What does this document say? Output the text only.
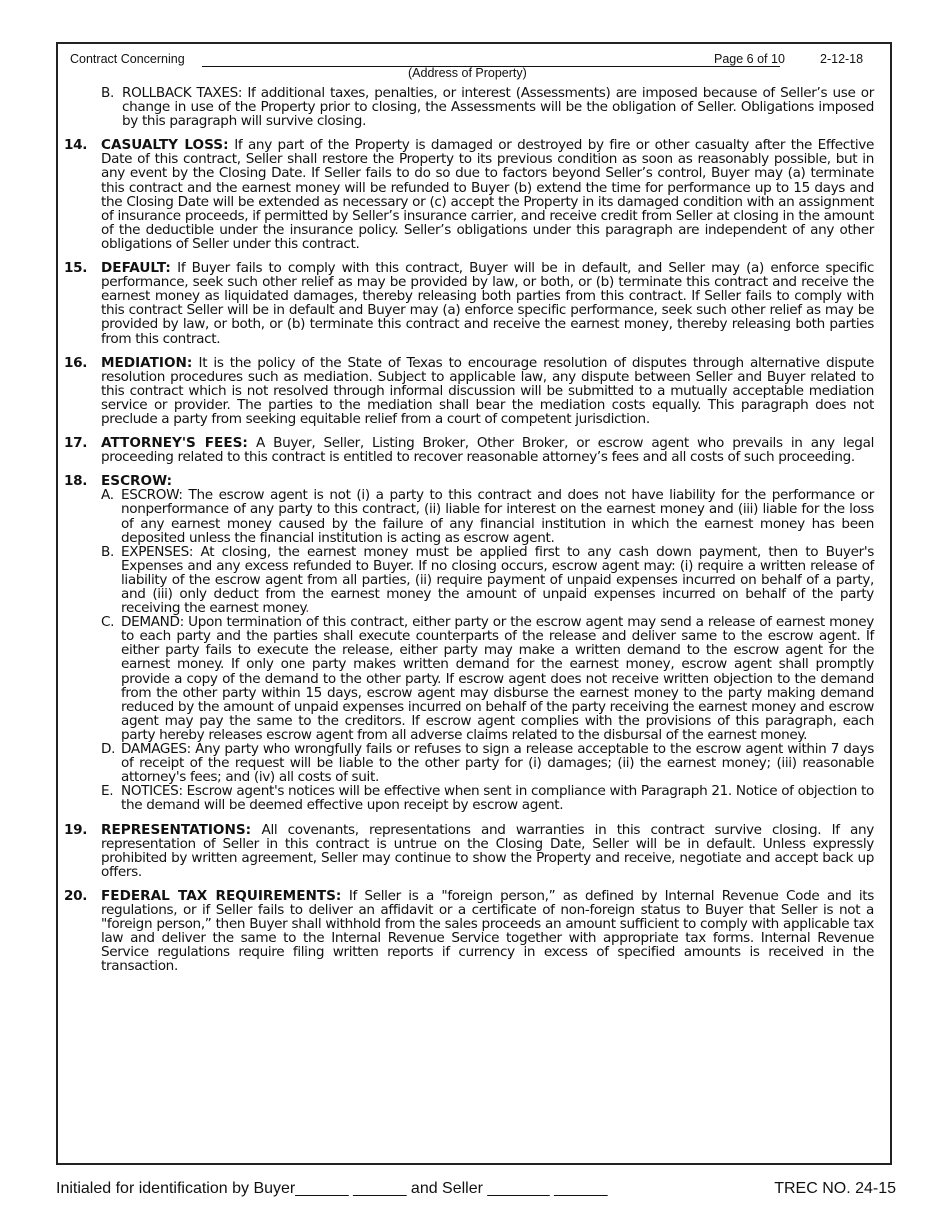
Contract Concerning	Page 6 of 10	2-12-18
(Address of Property)
B. ROLLBACK TAXES: If additional taxes, penalties, or interest (Assessments) are imposed because of Seller’s use or change in use of the Property prior to closing, the Assessments will be the obligation of Seller. Obligations imposed by this paragraph will survive closing.
14. CASUALTY LOSS: If any part of the Property is damaged or destroyed by fire or other casualty after the Effective Date of this contract, Seller shall restore the Property to its previous condition as soon as reasonably possible, but in any event by the Closing Date. If Seller fails to do so due to factors beyond Seller’s control, Buyer may (a) terminate this contract and the earnest money will be refunded to Buyer (b) extend the time for performance up to 15 days and the Closing Date will be extended as necessary or (c) accept the Property in its damaged condition with an assignment of insurance proceeds, if permitted by Seller’s insurance carrier, and receive credit from Seller at closing in the amount of the deductible under the insurance policy. Seller’s obligations under this paragraph are independent of any other obligations of Seller under this contract.
15. DEFAULT: If Buyer fails to comply with this contract, Buyer will be in default, and Seller may (a) enforce specific performance, seek such other relief as may be provided by law, or both, or (b) terminate this contract and receive the earnest money as liquidated damages, thereby releasing both parties from this contract. If Seller fails to comply with this contract Seller will be in default and Buyer may (a) enforce specific performance, seek such other relief as may be provided by law, or both, or (b) terminate this contract and receive the earnest money, thereby releasing both parties from this contract.
16. MEDIATION: It is the policy of the State of Texas to encourage resolution of disputes through alternative dispute resolution procedures such as mediation. Subject to applicable law, any dispute between Seller and Buyer related to this contract which is not resolved through informal discussion will be submitted to a mutually acceptable mediation service or provider. The parties to the mediation shall bear the mediation costs equally. This paragraph does not preclude a party from seeking equitable relief from a court of competent jurisdiction.
17. ATTORNEY'S FEES: A Buyer, Seller, Listing Broker, Other Broker, or escrow agent who prevails in any legal proceeding related to this contract is entitled to recover reasonable attorney’s fees and all costs of such proceeding.
18. ESCROW:
A. ESCROW: The escrow agent is not (i) a party to this contract and does not have liability for the performance or nonperformance of any party to this contract, (ii) liable for interest on the earnest money and (iii) liable for the loss of any earnest money caused by the failure of any financial institution in which the earnest money has been deposited unless the financial institution is acting as escrow agent.
B. EXPENSES: At closing, the earnest money must be applied first to any cash down payment, then to Buyer's Expenses and any excess refunded to Buyer. If no closing occurs, escrow agent may: (i) require a written release of liability of the escrow agent from all parties, (ii) require payment of unpaid expenses incurred on behalf of a party, and (iii) only deduct from the earnest money the amount of unpaid expenses incurred on behalf of the party receiving the earnest money.
C. DEMAND: Upon termination of this contract, either party or the escrow agent may send a release of earnest money to each party and the parties shall execute counterparts of the release and deliver same to the escrow agent. If either party fails to execute the release, either party may make a written demand to the escrow agent for the earnest money. If only one party makes written demand for the earnest money, escrow agent shall promptly provide a copy of the demand to the other party. If escrow agent does not receive written objection to the demand from the other party within 15 days, escrow agent may disburse the earnest money to the party making demand reduced by the amount of unpaid expenses incurred on behalf of the party receiving the earnest money and escrow agent may pay the same to the creditors. If escrow agent complies with the provisions of this paragraph, each party hereby releases escrow agent from all adverse claims related to the disbursal of the earnest money.
D. DAMAGES: Any party who wrongfully fails or refuses to sign a release acceptable to the escrow agent within 7 days of receipt of the request will be liable to the other party for (i) damages; (ii) the earnest money; (iii) reasonable attorney's fees; and (iv) all costs of suit.
E. NOTICES: Escrow agent's notices will be effective when sent in compliance with Paragraph 21. Notice of objection to the demand will be deemed effective upon receipt by escrow agent.
19. REPRESENTATIONS: All covenants, representations and warranties in this contract survive closing. If any representation of Seller in this contract is untrue on the Closing Date, Seller will be in default. Unless expressly prohibited by written agreement, Seller may continue to show the Property and receive, negotiate and accept back up offers.
20. FEDERAL TAX REQUIREMENTS: If Seller is a "foreign person,” as defined by Internal Revenue Code and its regulations, or if Seller fails to deliver an affidavit or a certificate of non-foreign status to Buyer that Seller is not a "foreign person,” then Buyer shall withhold from the sales proceeds an amount sufficient to comply with applicable tax law and deliver the same to the Internal Revenue Service together with appropriate tax forms. Internal Revenue Service regulations require filing written reports if currency in excess of specified amounts is received in the transaction.
Initialed for identification by Buyer______ ______ and Seller _______ ______	TREC NO. 24-15
